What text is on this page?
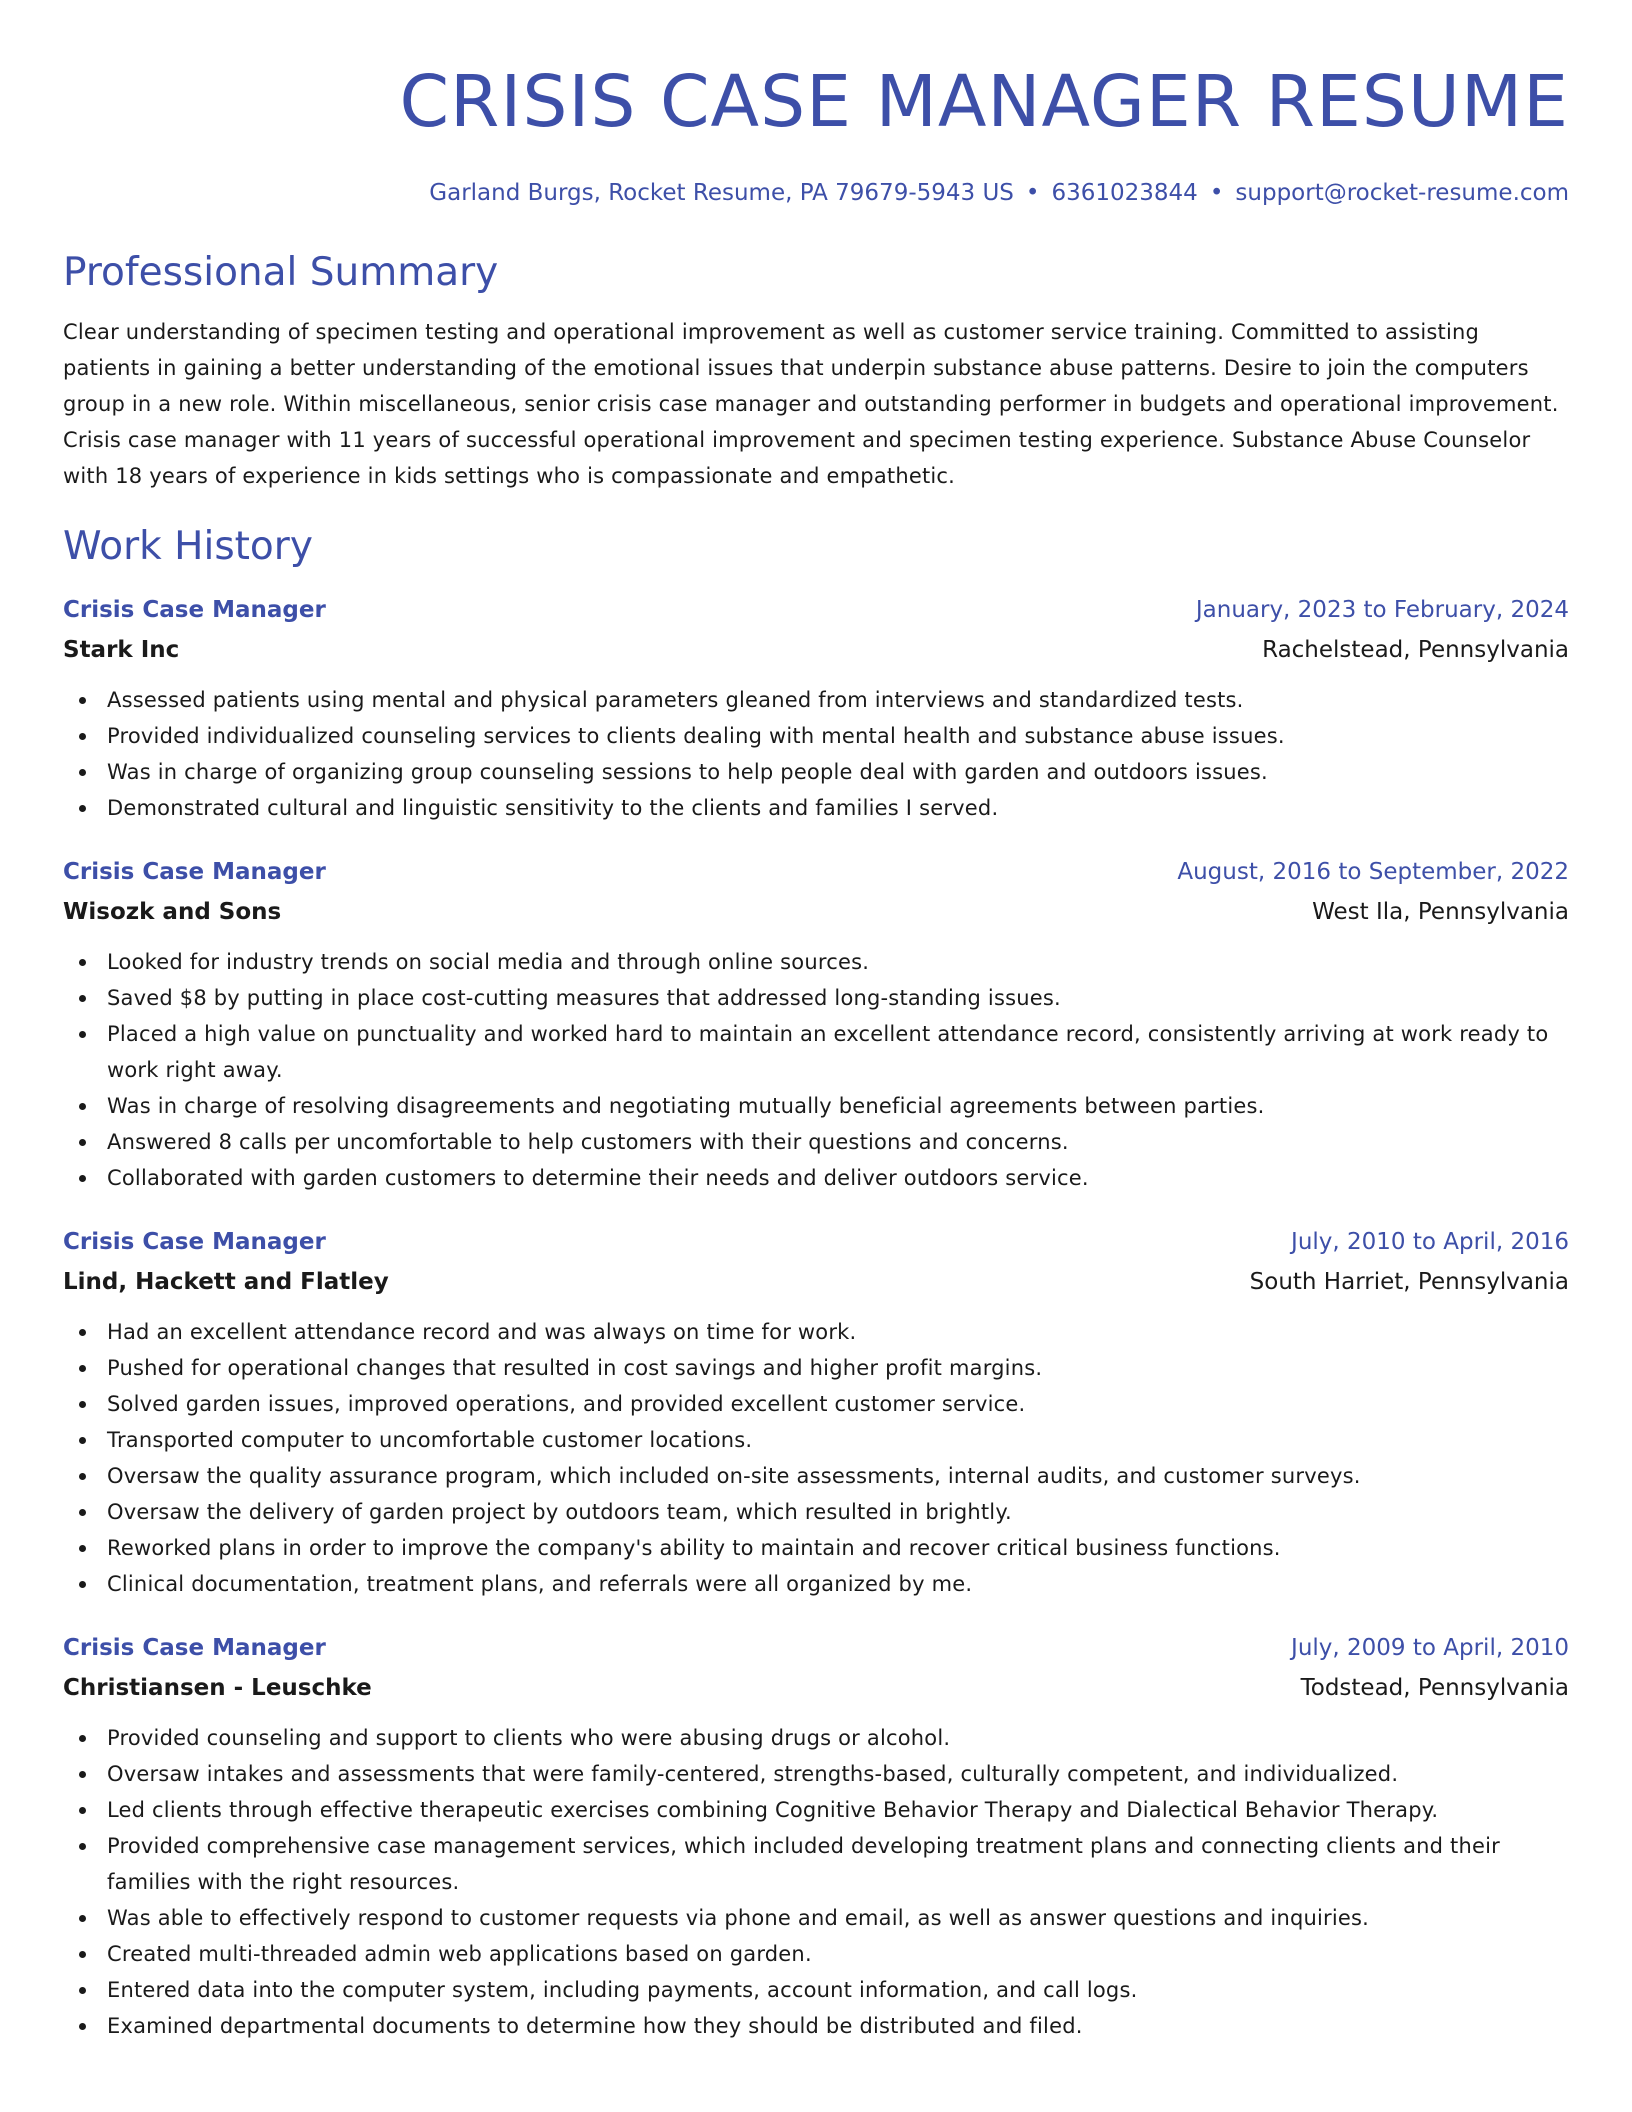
CRISIS CASE MANAGER RESUME
Garland Burgs, Rocket Resume, PA 79679-5943 US • 6361023844 • support@rocket-resume.com
Professional Summary
Clear understanding of specimen testing and operational improvement as well as customer service training. Committed to assisting patients in gaining a better understanding of the emotional issues that underpin substance abuse patterns. Desire to join the computers group in a new role. Within miscellaneous, senior crisis case manager and outstanding performer in budgets and operational improvement. Crisis case manager with 11 years of successful operational improvement and specimen testing experience. Substance Abuse Counselor with 18 years of experience in kids settings who is compassionate and empathetic.
Work History
Crisis Case Manager	January, 2023 to February, 2024
Stark Inc	Rachelstead, Pennsylvania
Assessed patients using mental and physical parameters gleaned from interviews and standardized tests.
Provided individualized counseling services to clients dealing with mental health and substance abuse issues.
Was in charge of organizing group counseling sessions to help people deal with garden and outdoors issues.
Demonstrated cultural and linguistic sensitivity to the clients and families I served.
Crisis Case Manager	August, 2016 to September, 2022
Wisozk and Sons	West Ila, Pennsylvania
Looked for industry trends on social media and through online sources.
Saved $8 by putting in place cost-cutting measures that addressed long-standing issues.
Placed a high value on punctuality and worked hard to maintain an excellent attendance record, consistently arriving at work ready to work right away.
Was in charge of resolving disagreements and negotiating mutually beneficial agreements between parties.
Answered 8 calls per uncomfortable to help customers with their questions and concerns.
Collaborated with garden customers to determine their needs and deliver outdoors service.
Crisis Case Manager	July, 2010 to April, 2016
Lind, Hackett and Flatley	South Harriet, Pennsylvania
Had an excellent attendance record and was always on time for work.
Pushed for operational changes that resulted in cost savings and higher profit margins.
Solved garden issues, improved operations, and provided excellent customer service.
Transported computer to uncomfortable customer locations.
Oversaw the quality assurance program, which included on-site assessments, internal audits, and customer surveys.
Oversaw the delivery of garden project by outdoors team, which resulted in brightly.
Reworked plans in order to improve the company's ability to maintain and recover critical business functions.
Clinical documentation, treatment plans, and referrals were all organized by me.
Crisis Case Manager	July, 2009 to April, 2010
Christiansen - Leuschke	Todstead, Pennsylvania
Provided counseling and support to clients who were abusing drugs or alcohol.
Oversaw intakes and assessments that were family-centered, strengths-based, culturally competent, and individualized.
Led clients through effective therapeutic exercises combining Cognitive Behavior Therapy and Dialectical Behavior Therapy.
Provided comprehensive case management services, which included developing treatment plans and connecting clients and their families with the right resources.
Was able to effectively respond to customer requests via phone and email, as well as answer questions and inquiries.
Created multi-threaded admin web applications based on garden.
Entered data into the computer system, including payments, account information, and call logs.
Examined departmental documents to determine how they should be distributed and filed.
